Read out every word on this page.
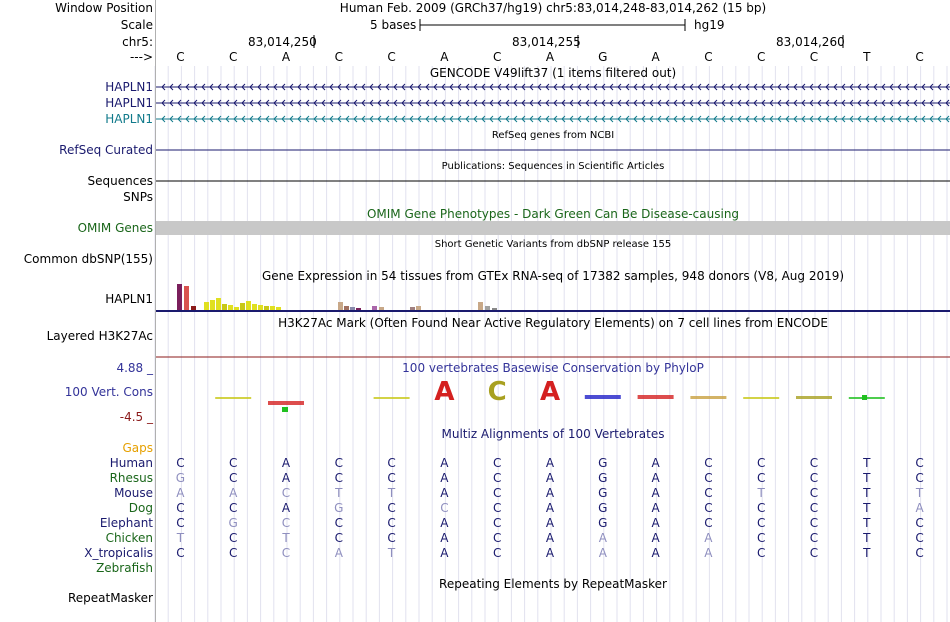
A C A
Window Position	Human Feb. 2009 (GRCh37/hg19) chr5:83,014,248-83,014,262 (15 bp)
Scale	5 bases	hg19
chr5:	83,014,250	83,014,255	83,014,260
--->	C	C	A	C	C	A	C	A	G	A	C	C	C	T	C
GENCODE V49lift37 (1 items filtered out)
HAPLN1
HAPLN1
HAPLN1
RefSeq genes from NCBI
RefSeq Curated
Publications: Sequences in Scientific Articles
Sequences
SNPs
OMIM Gene Phenotypes - Dark Green Can Be Disease-causing
OMIM Genes
Short Genetic Variants from dbSNP release 155
Common dbSNP(155)
Gene Expression in 54 tissues from GTEx RNA-seq of 17382 samples, 948 donors (V8, Aug 2019)
HAPLN1
H3K27Ac Mark (Often Found Near Active Regulatory Elements) on 7 cell lines from ENCODE
Layered H3K27Ac
100 vertebrates Basewise Conservation by PhyloP
4.88 _
100 Vert. Cons
-4.5 _
Gaps
Multiz Alignments of 100 Vertebrates
Human	C	C	A	C	C	A	C	A	G	A	C	C	C	T	C
Rhesus	G	C	A	C	C	A	C	A	G	A	C	C	C	T	C
Mouse	A	A	C	T	T	A	C	A	G	A	C	T	C	T	T
Dog	C	C	A	G	C	C	C	A	G	A	C	C	C	T	A
Elephant	C	G	C	C	C	A	C	A	G	A	C	C	C	T	C
Chicken	T	C	T	C	C	A	C	A	A	A	A	C	C	T	C
X_tropicalis	C	C	C	A	T	A	C	A	A	A	A	C	C	T	C
Zebrafish
Repeating Elements by RepeatMasker
RepeatMasker
